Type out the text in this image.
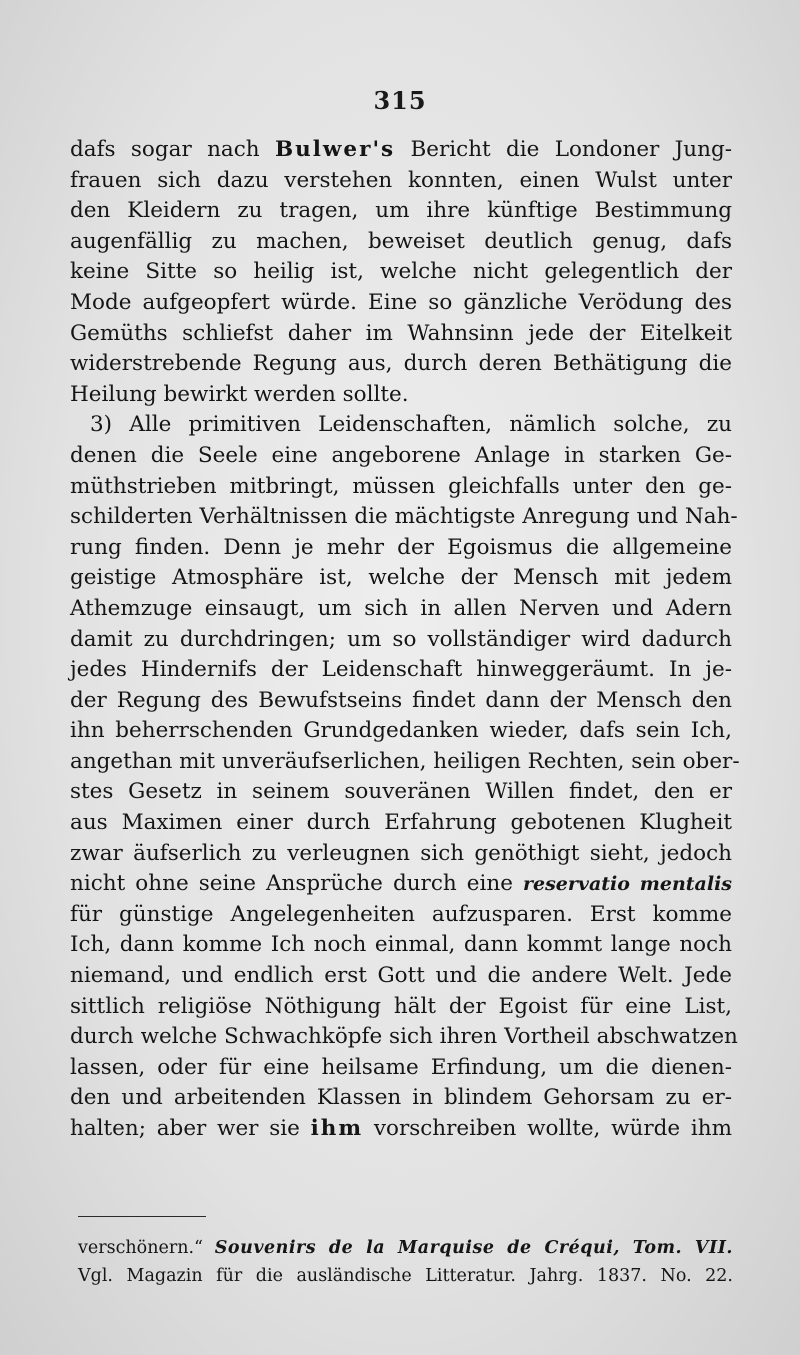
315
dafs sogar nach Bulwer's Bericht die Londoner Jung-
frauen sich dazu verstehen konnten, einen Wulst unter
den Kleidern zu tragen, um ihre künftige Bestimmung
augenfällig zu machen, beweiset deutlich genug, dafs
keine Sitte so heilig ist, welche nicht gelegentlich der
Mode aufgeopfert würde. Eine so gänzliche Verödung des
Gemüths schliefst daher im Wahnsinn jede der Eitelkeit
widerstrebende Regung aus, durch deren Bethätigung die
Heilung bewirkt werden sollte.
3) Alle primitiven Leidenschaften, nämlich solche, zu
denen die Seele eine angeborene Anlage in starken Ge-
müthstrieben mitbringt, müssen gleichfalls unter den ge-
schilderten Verhältnissen die mächtigste Anregung und Nah-
rung finden. Denn je mehr der Egoismus die allgemeine
geistige Atmosphäre ist, welche der Mensch mit jedem
Athemzuge einsaugt, um sich in allen Nerven und Adern
damit zu durchdringen; um so vollständiger wird dadurch
jedes Hindernifs der Leidenschaft hinweggeräumt. In je-
der Regung des Bewufstseins findet dann der Mensch den
ihn beherrschenden Grundgedanken wieder, dafs sein Ich,
angethan mit unveräufserlichen, heiligen Rechten, sein ober-
stes Gesetz in seinem souveränen Willen findet, den er
aus Maximen einer durch Erfahrung gebotenen Klugheit
zwar äufserlich zu verleugnen sich genöthigt sieht, jedoch
nicht ohne seine Ansprüche durch eine reservatio mentalis
für günstige Angelegenheiten aufzusparen. Erst komme
Ich, dann komme Ich noch einmal, dann kommt lange noch
niemand, und endlich erst Gott und die andere Welt. Jede
sittlich religiöse Nöthigung hält der Egoist für eine List,
durch welche Schwachköpfe sich ihren Vortheil abschwatzen
lassen, oder für eine heilsame Erfindung, um die dienen-
den und arbeitenden Klassen in blindem Gehorsam zu er-
halten; aber wer sie ihm vorschreiben wollte, würde ihm
verschönern.“ Souvenirs de la Marquise de Créqui, Tom. VII.
Vgl. Magazin für die ausländische Litteratur. Jahrg. 1837. No. 22.
